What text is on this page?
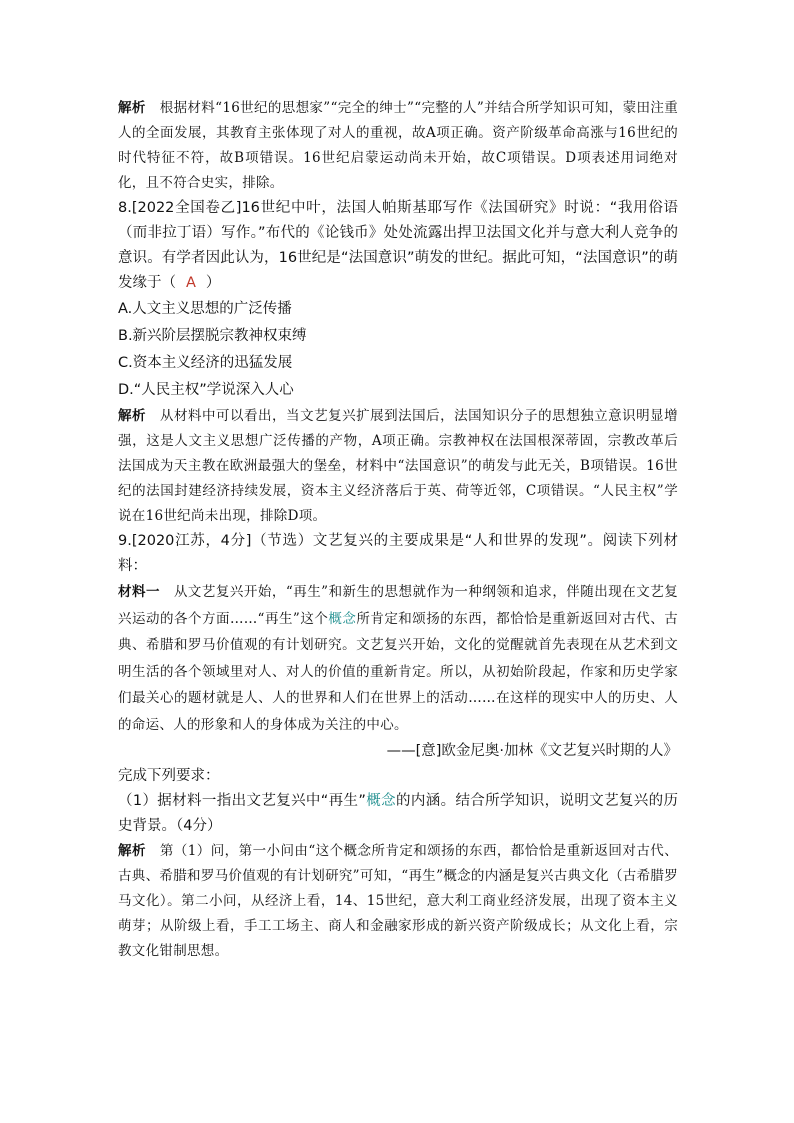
解析 根据材料“16世纪的思想家”“完全的绅士”“完整的人”并结合所学知识可知，蒙田注重人的全面发展，其教育主张体现了对人的重视，故A项正确。资产阶级革命高涨与16世纪的时代特征不符，故B项错误。16世纪启蒙运动尚未开始，故C项错误。D项表述用词绝对化，且不符合史实，排除。

8.[2022全国卷乙]16世纪中叶，法国人帕斯基耶写作《法国研究》时说：“我用俗语（而非拉丁语）写作。”布代的《论钱币》处处流露出捍卫法国文化并与意大利人竞争的意识。有学者因此认为，16世纪是“法国意识”萌发的世纪。据此可知，“法国意识”的萌发缘于（ A ）

A.人文主义思想的广泛传播

B.新兴阶层摆脱宗教神权束缚

C.资本主义经济的迅猛发展

D.“人民主权”学说深入人心

解析 从材料中可以看出，当文艺复兴扩展到法国后，法国知识分子的思想独立意识明显增强，这是人文主义思想广泛传播的产物，A项正确。宗教神权在法国根深蒂固，宗教改革后法国成为天主教在欧洲最强大的堡垒，材料中“法国意识”的萌发与此无关，B项错误。16世纪的法国封建经济持续发展，资本主义经济落后于英、荷等近邻，C项错误。“人民主权”学说在16世纪尚未出现，排除D项。

9.[2020江苏，4分]（节选）文艺复兴的主要成果是“人和世界的发现”。阅读下列材料：

材料一 从文艺复兴开始，“再生”和新生的思想就作为一种纲领和追求，伴随出现在文艺复兴运动的各个方面……“再生”这个概念所肯定和颂扬的东西，都恰恰是重新返回对古代、古典、希腊和罗马价值观的有计划研究。文艺复兴开始，文化的觉醒就首先表现在从艺术到文明生活的各个领域里对人、对人的价值的重新肯定。所以，从初始阶段起，作家和历史学家们最关心的题材就是人、人的世界和人们在世界上的活动……在这样的现实中人的历史、人的命运、人的形象和人的身体成为关注的中心。

——[意]欧金尼奥·加林《文艺复兴时期的人》

完成下列要求：

（1）据材料一指出文艺复兴中“再生”概念的内涵。结合所学知识，说明文艺复兴的历史背景。（4分）

解析 第（1）问，第一小问由“这个概念所肯定和颂扬的东西，都恰恰是重新返回对古代、古典、希腊和罗马价值观的有计划研究”可知，“再生”概念的内涵是复兴古典文化（古希腊罗马文化）。第二小问，从经济上看，14、15世纪，意大利工商业经济发展，出现了资本主义萌芽；从阶级上看，手工工场主、商人和金融家形成的新兴资产阶级成长；从文化上看，宗教文化钳制思想。
